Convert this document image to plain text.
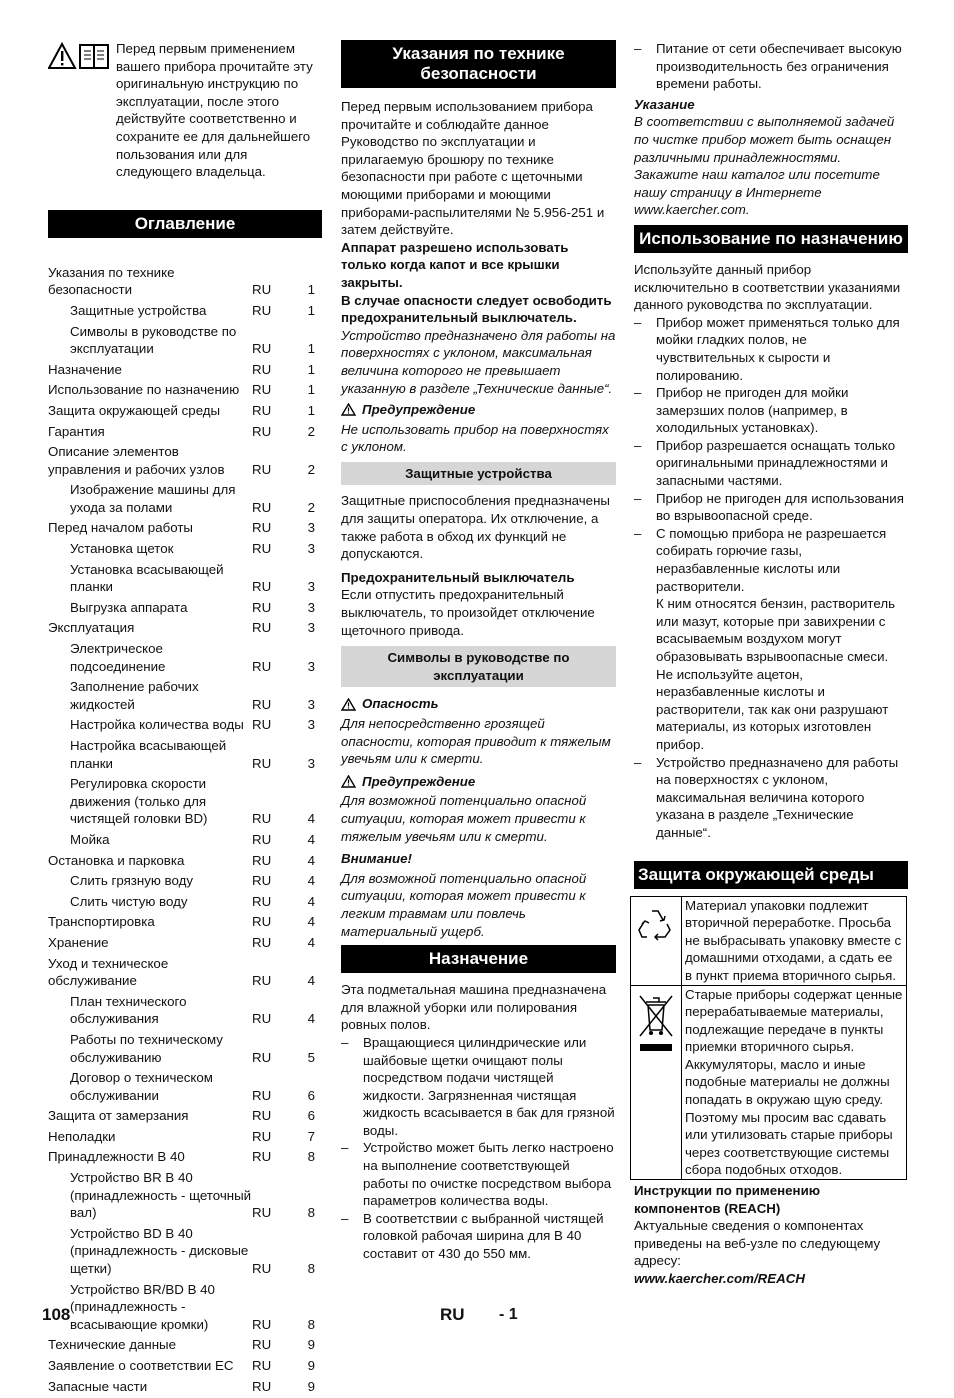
Перед первым применением вашего прибора прочитайте эту оригинальную инструкцию по эксплуатации, после этого действуйте соответственно и сохраните ее для дальнейшего пользования или для следующего владельца.

Оглавление
Указания по технике безопасности	RU	1
Защитные устройства	RU	1
Символы в руководстве по эксплуатации	RU	1
Назначение	RU	1
Использование по назначению RU	1
Защита окружающей среды	RU	1
Гарантия	RU	2
Описание элементов управления и рабочих узлов	RU	2
Изображение машины для ухода за полами	RU	2
Перед началом работы	RU	3
Установка щеток	RU	3
Установка всасывающей планки	RU	3
Выгрузка аппарата	RU	3
Эксплуатация	RU	3
Электрическое подсоединение	RU	3
Заполнение рабочих жидкостей	RU	3
Настройка количества воды RU	3
Настройка всасывающей планки	RU	3
Регулировка скорости движения (только для чистящей головки BD)	RU	4
Мойка	RU	4
Остановка и парковка	RU	4
Слить грязную воду	RU	4
Слить чистую воду	RU	4
Транспортировка	RU	4
Хранение	RU	4
Уход и техническое обслуживание	RU	4
План технического обслуживания	RU	4
Работы по техническому обслуживанию	RU	5
Договор о техническом обслуживании	RU	6
Защита от замерзания	RU	6
Неполадки	RU	7
Принадлежности B 40	RU	8
Устройство BR B 40 (принадлежность - щеточный вал)	RU	8
Устройство BD B 40 (принадлежность - дисковые щетки)	RU	8
Устройство BR/BD B 40 (принадлежность - всасывающие кромки)	RU	8
Технические данные	RU	9
Заявление о соответствии ЕС	RU	9
Запасные части	RU	9
Указания по технике безопасности

Перед первым использованием прибора прочитайте и соблюдайте данное Руководство по эксплуатации и прилагаемую брошюру по технике безопасности при работе с щеточными моющими приборами и моющими приборами-распылителями № 5.956-251 и затем действуйте.

Аппарат разрешено использовать только когда капот и все крышки закрыты.

В случае опасности следует освободить предохранительный выключатель.

Устройство предназначено для работы на поверхностях с уклоном, максимальная величина которого не превышает указанную в разделе „Технические данные“.

Предупреждение

Не использовать прибор на поверхностях с уклоном.

Защитные устройства

Защитные приспособления предназначены для защиты оператора. Их отключение, а также работа в обход их функций не допускаются.

Предохранительный выключатель

Если отпустить предохранительный выключатель, то произойдет отключение щеточного привода.

Символы в руководстве по эксплуатации
Опасность

Для непосредственно грозящей опасности, которая приводит к тяжелым увечьям или к смерти.

Предупреждение

Для возможной потенциально опасной ситуации, которая может привести к тяжелым увечьям или к смерти.

Внимание!

Для возможной потенциально опасной ситуации, которая может привести к легким травмам или повлечь материальный ущерб.

Назначение

Эта подметальная машина предназначена для влажной уборки или полирования ровных полов.

–	Вращающиеся цилиндрические или шайбовые щетки очищают полы посредством подачи чистящей жидкости. Загрязненная чистящая жидкость всасывается в бак для грязной воды.
–	Устройство может быть легко настроено на выполнение соответствующей работы по очистке посредством выбора параметров количества воды.
–	В соответствии с выбранной чистящей головкой рабочая ширина для B 40 составит от 430 до 550 мм.
–	Питание от сети обеспечивает высокую производительность без ограничения времени работы.

Указание

В соответствии с выполняемой задачей по чистке прибор может быть оснащен различными принадлежностями. Закажите наш каталог или посетите нашу страницу в Интернете www.kaercher.com.

Использование по назначению

Используйте данный прибор исключительно в соответствии указаниями данного руководства по эксплуатации.

–	Прибор может применяться только для мойки гладких полов, не чувствительных к сырости и полированию.
–	Прибор не пригоден для мойки замерзших полов (например, в холодильных установках).
–	Прибор разрешается оснащать только оригинальными принадлежностями и запасными частями.
–	Прибор не пригоден для использования во взрывоопасной среде.
–	С помощью прибора не разрешается собирать горючие газы, неразбавленные кислоты или растворители.

К ним относятся бензин, растворитель или мазут, которые при завихрении с всасываемым воздухом могут образовывать взрывоопасные смеси. Не используйте ацетон, неразбавленные кислоты и растворители, так как они разрушают материалы, из которых изготовлен прибор.

–	Устройство предназначено для работы на поверхностях с уклоном, максимальная величина которого указана в разделе „Технические данные“.
Защита окружающей среды
	Материал упаковки подлежит вторичной переработке. Просьба не выбрасывать упаковку вместе с домашними отходами, а сдать ее в пункт приема вторичного сырья.
	Старые приборы содержат ценные перерабатываемые материалы, подлежащие передаче в пункты приемки вторичного сырья. Аккумуляторы, масло и иные подобные материалы не должны попадать в окружаю щую среду. Поэтому мы просим вас сдавать или утилизовать старые приборы через соответствующие системы сбора подобных отходов.

Инструкции по применению компонентов (REACH)

Актуальные сведения о компонентах приведены на веб-узле по следующему адресу:

www.kaercher.com/REACH

108	RU - 1
